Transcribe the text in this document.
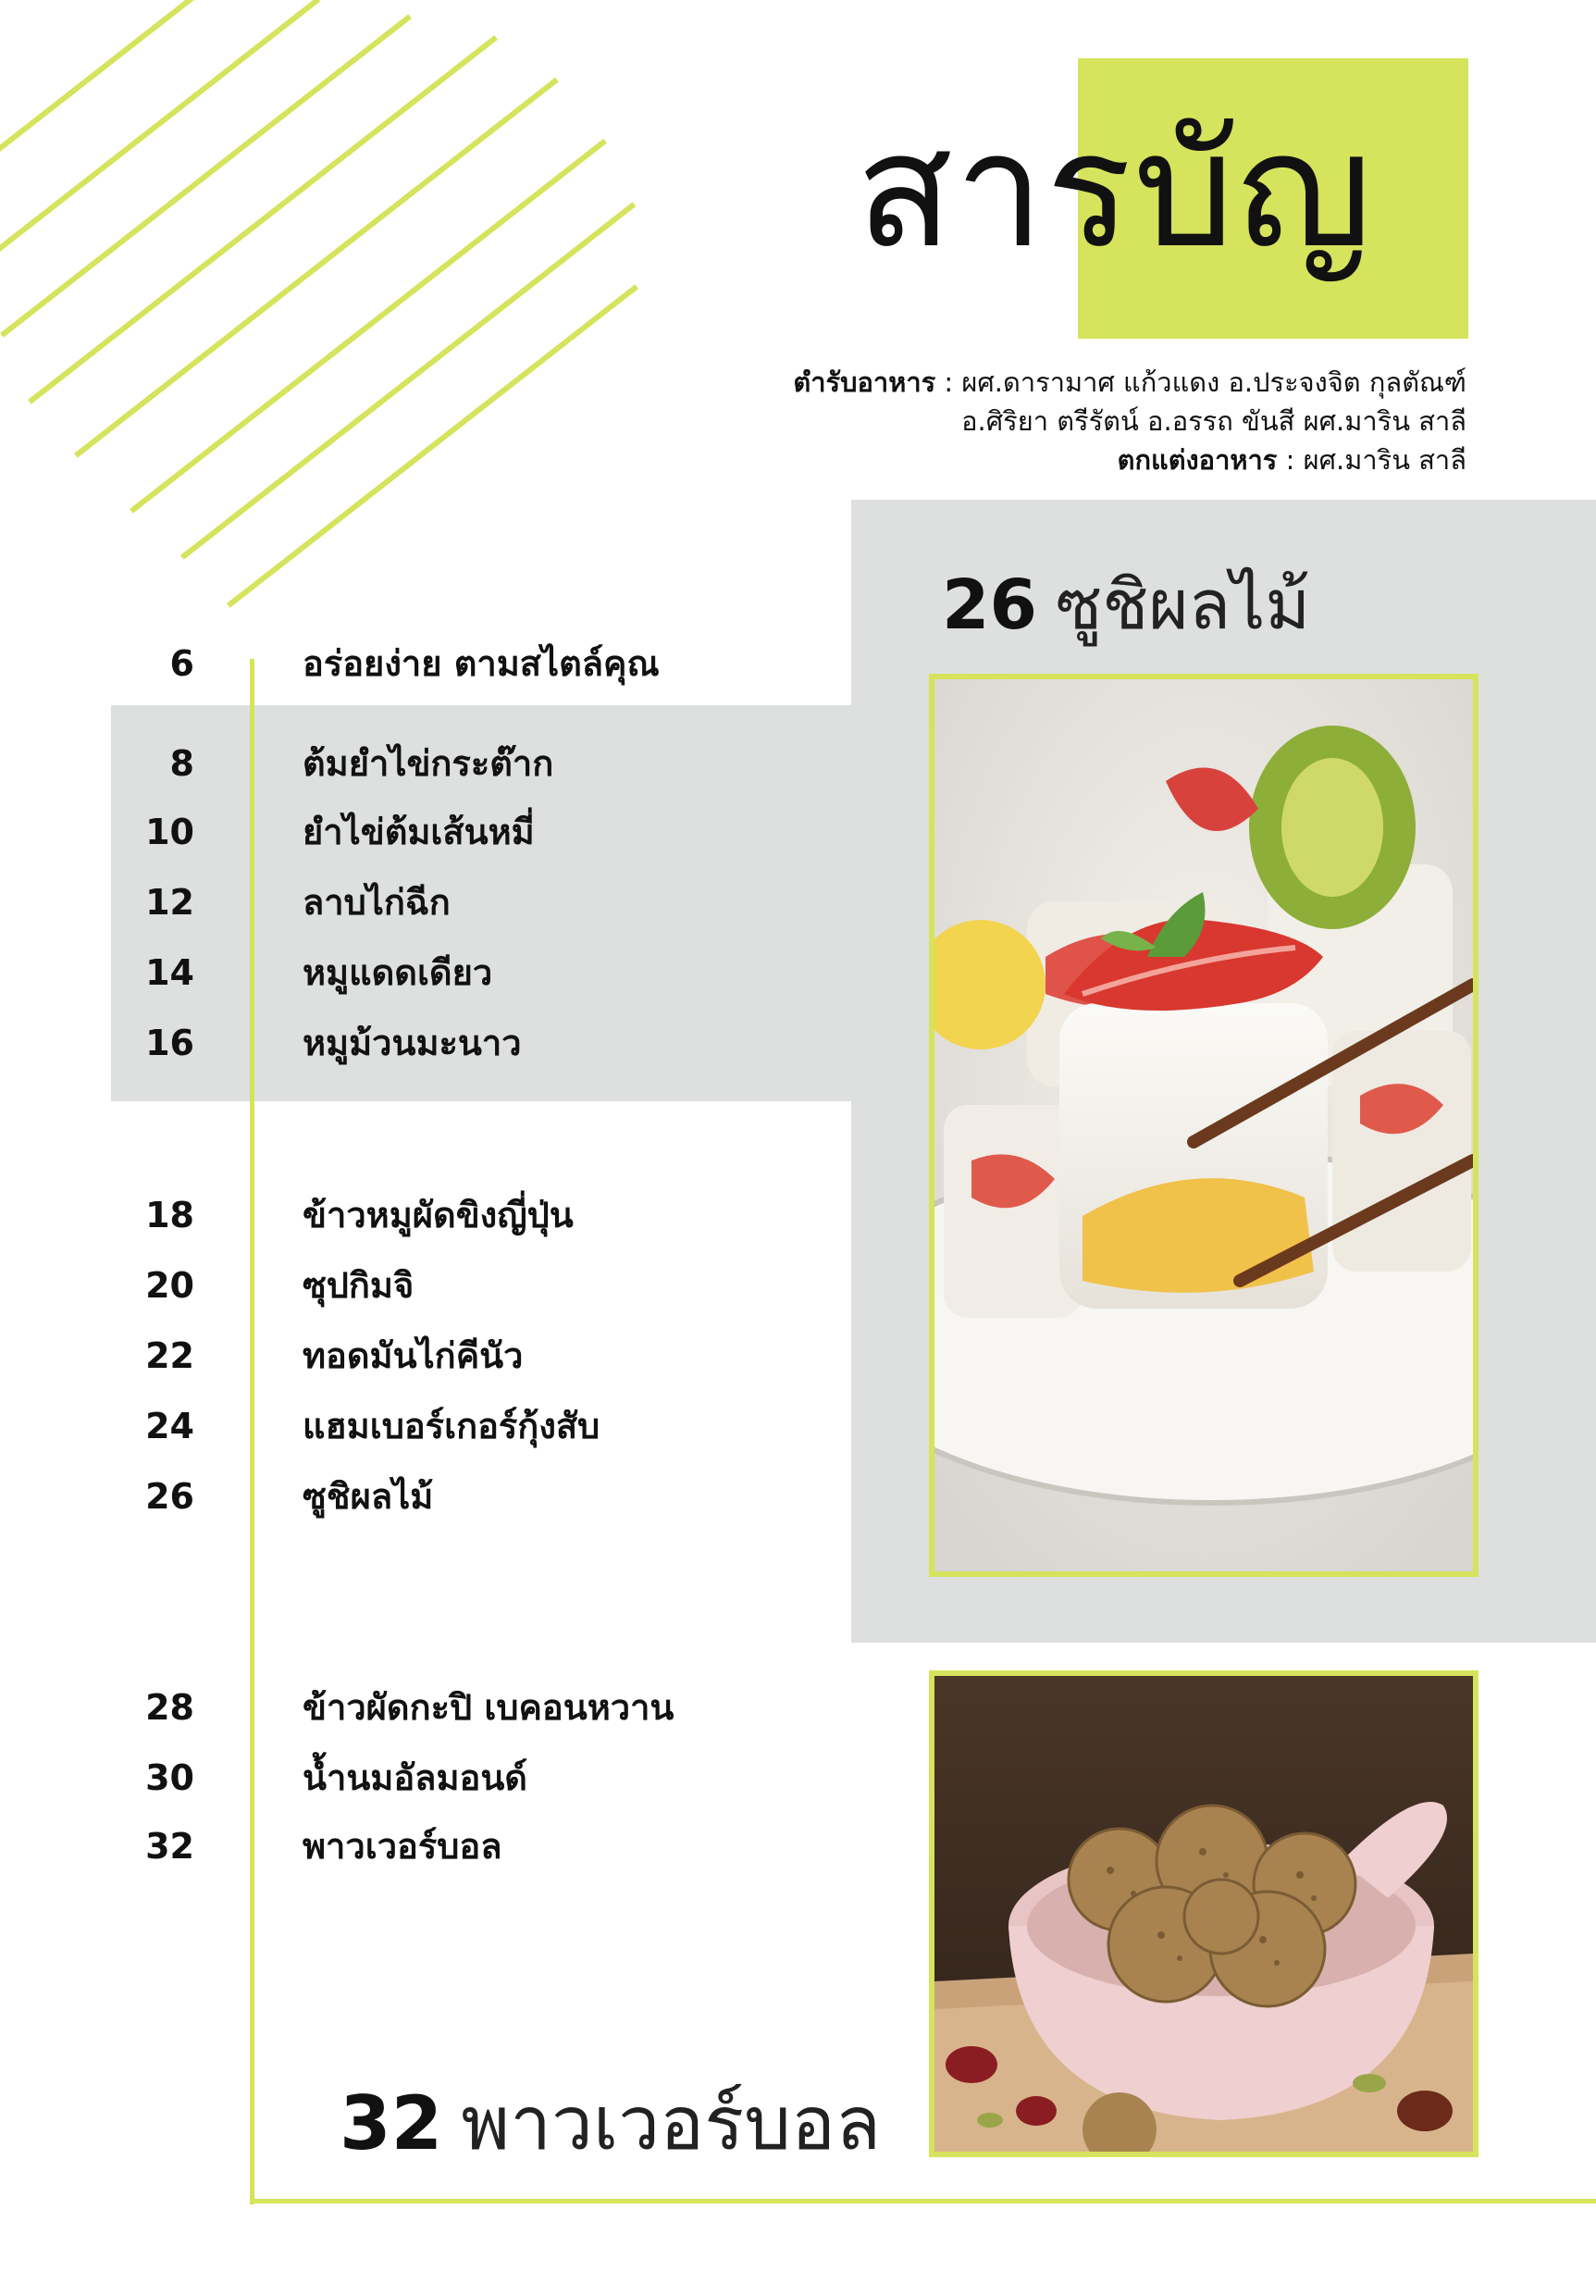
สารบัญ
ตำรับอาหาร : ผศ.ดารามาศ แก้วแดง อ.ประจงจิต กุลตัณฑ์
อ.ศิริยา ตรีรัตน์ อ.อรรถ ขันสี ผศ.มาริน สาลี
ตกแต่งอาหาร : ผศ.มาริน สาลี
26 ซูชิผลไม้
32 พาวเวอร์บอล
6	อร่อยง่าย ตามสไตล์คุณ
8	ต้มยำไข่กระต๊าก
10	ยำไข่ต้มเส้นหมี่
12	ลาบไก่ฉีก
14	หมูแดดเดียว
16	หมูม้วนมะนาว
18	ข้าวหมูผัดขิงญี่ปุ่น
20	ซุปกิมจิ
22	ทอดมันไก่คีนัว
24	แฮมเบอร์เกอร์กุ้งสับ
26	ซูชิผลไม้
28	ข้าวผัดกะปิ เบคอนหวาน
30	น้ำนมอัลมอนด์
32	พาวเวอร์บอล
